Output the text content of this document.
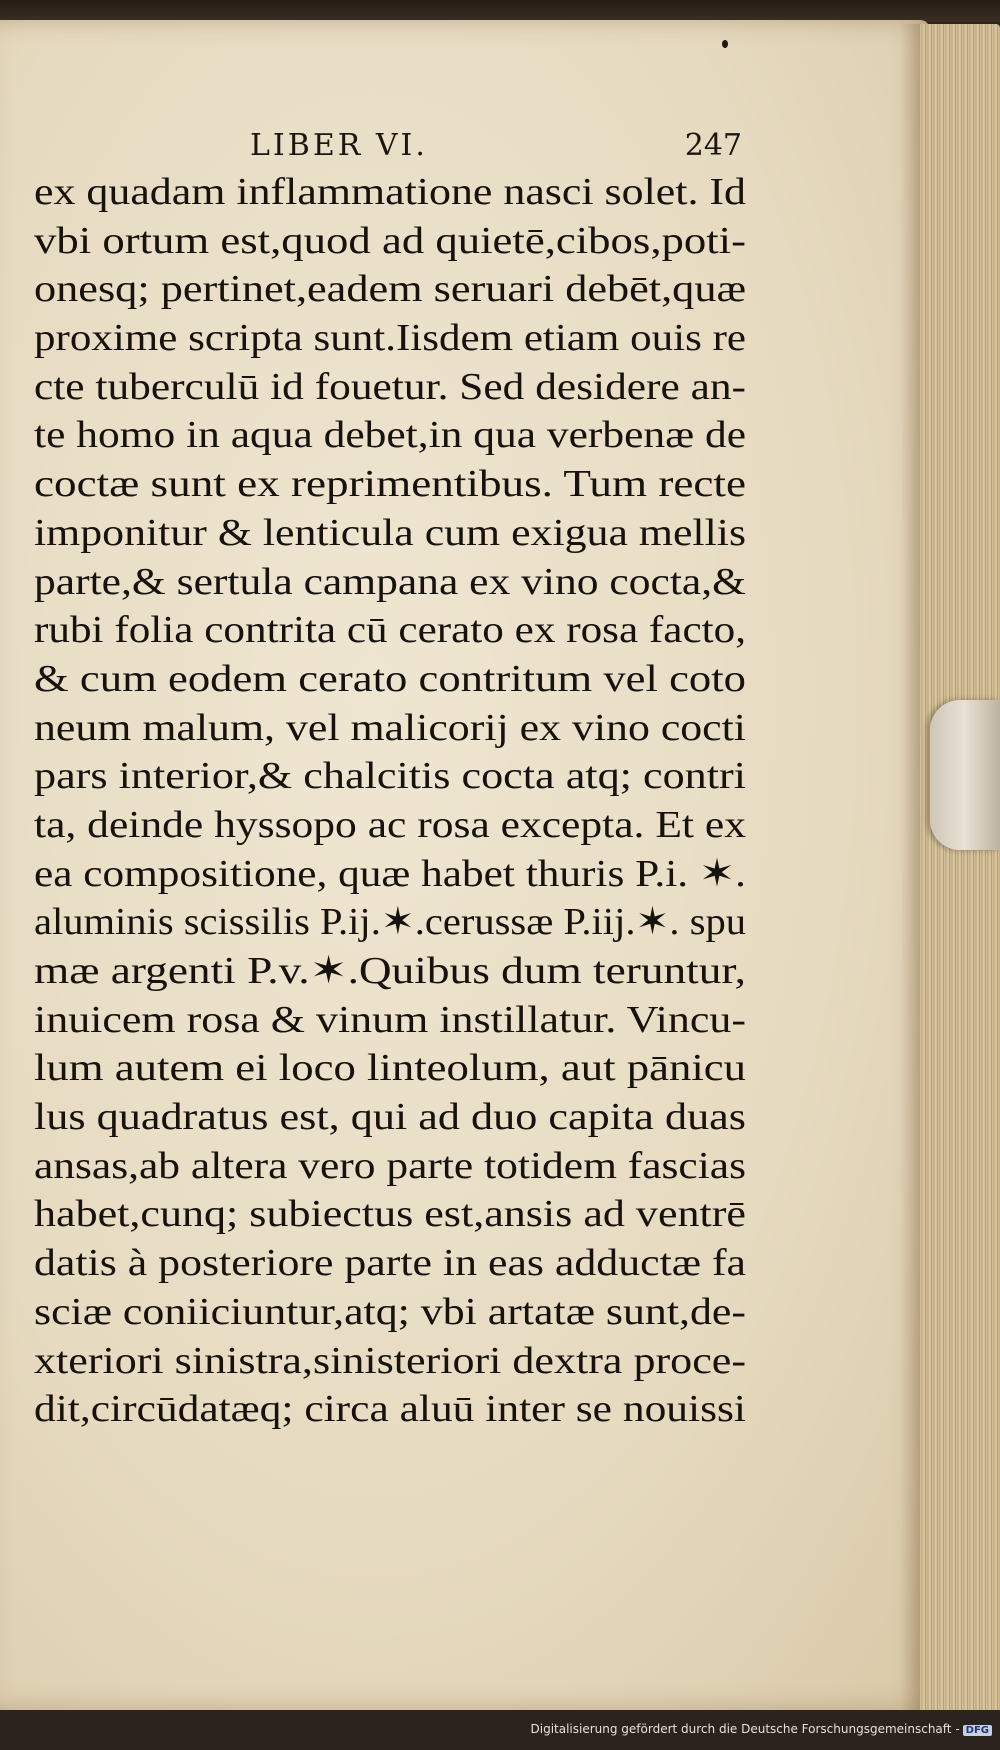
LIBER VI.	247
ex quadam inflammatione nasci solet. Id
vbi ortum est,quod ad quietē,cibos,poti-
onesq; pertinet,eadem seruari debēt,quæ
proxime scripta sunt.Iisdem etiam ouis re
cte tuberculū id fouetur. Sed desidere an-
te homo in aqua debet,in qua verbenæ de
coctæ sunt ex reprimentibus. Tum recte
imponitur & lenticula cum exigua mellis
parte,& sertula campana ex vino cocta,&
rubi folia contrita cū cerato ex rosa facto,
& cum eodem cerato contritum vel coto
neum malum, vel malicorij ex vino cocti
pars interior,& chalcitis cocta atq; contri
ta, deinde hyssopo ac rosa excepta. Et ex
ea compositione, quæ habet thuris P.i. ✶.
aluminis scissilis P.ij.✶.cerussæ P.iij.✶. spu
mæ argenti P.v.✶.Quibus dum teruntur,
inuicem rosa & vinum instillatur. Vincu-
lum autem ei loco linteolum, aut pānicu
lus quadratus est, qui ad duo capita duas
ansas,ab altera vero parte totidem fascias
habet,cunq; subiectus est,ansis ad ventrē
datis à posteriore parte in eas adductæ fa
sciæ coniiciuntur,atq; vbi artatæ sunt,de-
xteriori sinistra,sinisteriori dextra proce-
dit,circūdatæq; circa aluū inter se nouissi
Digitalisierung gefördert durch die Deutsche Forschungsgemeinschaft - DFG
